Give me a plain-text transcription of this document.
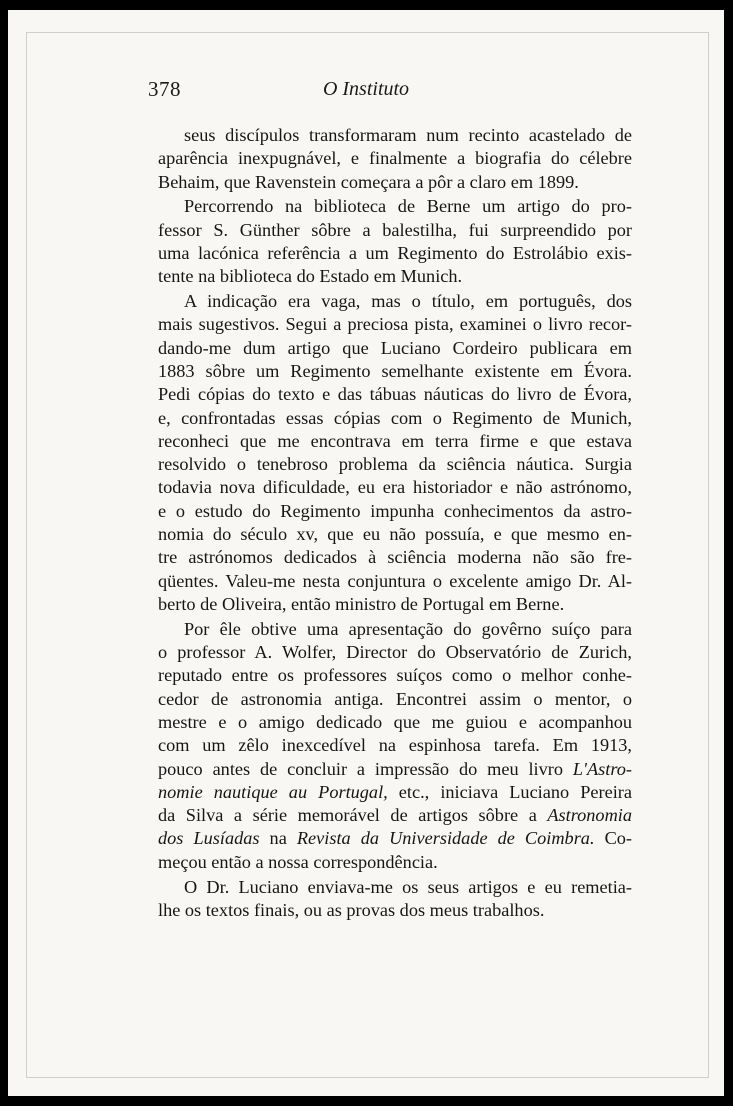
378	O Instituto

seus discípulos transformaram num recinto acastelado de
aparência inexpugnável, e finalmente a biografia do célebre
Behaim, que Ravenstein começara a pôr a claro em 1899.

Percorrendo na biblioteca de Berne um artigo do pro-
fessor S. Günther sôbre a balestilha, fui surpreendido por
uma lacónica referência a um Regimento do Estrolábio exis-
tente na biblioteca do Estado em Munich.

A indicação era vaga, mas o título, em português, dos
mais sugestivos. Segui a preciosa pista, examinei o livro recor-
dando-me dum artigo que Luciano Cordeiro publicara em
1883 sôbre um Regimento semelhante existente em Évora.
Pedi cópias do texto e das tábuas náuticas do livro de Évora,
e, confrontadas essas cópias com o Regimento de Munich,
reconheci que me encontrava em terra firme e que estava
resolvido o tenebroso problema da sciência náutica. Surgia
todavia nova dificuldade, eu era historiador e não astrónomo,
e o estudo do Regimento impunha conhecimentos da astro-
nomia do século xv, que eu não possuía, e que mesmo en-
tre astrónomos dedicados à sciência moderna não são fre-
qüentes. Valeu-me nesta conjuntura o excelente amigo Dr. Al-
berto de Oliveira, então ministro de Portugal em Berne.

Por êle obtive uma apresentação do govêrno suíço para
o professor A. Wolfer, Director do Observatório de Zurich,
reputado entre os professores suíços como o melhor conhe-
cedor de astronomia antiga. Encontrei assim o mentor, o
mestre e o amigo dedicado que me guiou e acompanhou
com um zêlo inexcedível na espinhosa tarefa. Em 1913,
pouco antes de concluir a impressão do meu livro L'Astro-
nomie nautique au Portugal, etc., iniciava Luciano Pereira
da Silva a série memorável de artigos sôbre a Astronomia
dos Lusíadas na Revista da Universidade de Coimbra. Co-
meçou então a nossa correspondência.

O Dr. Luciano enviava-me os seus artigos e eu remetia-
lhe os textos finais, ou as provas dos meus trabalhos.
